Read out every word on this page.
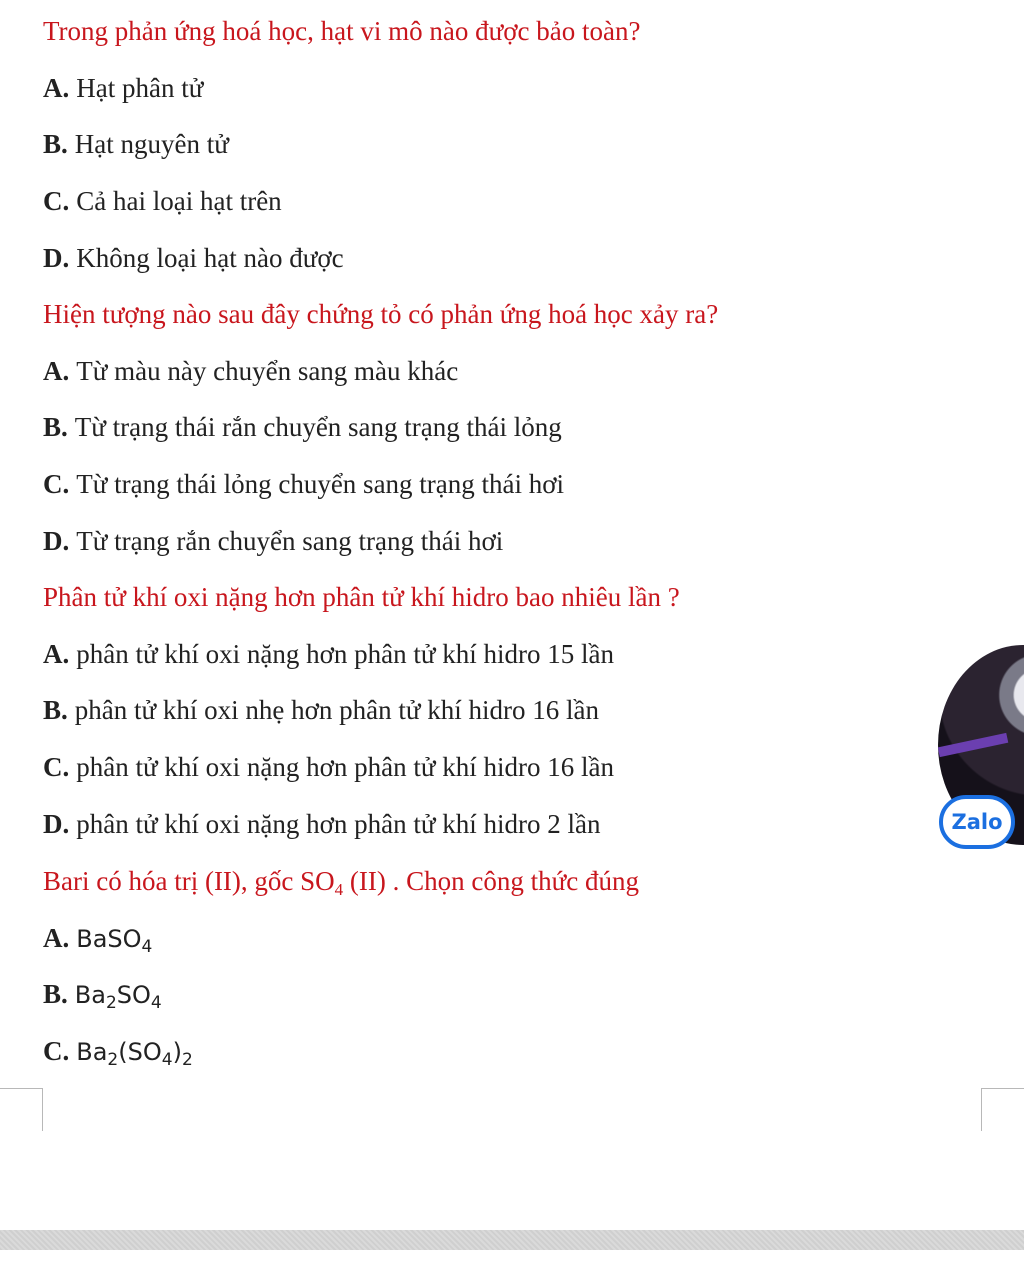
Trong phản ứng hoá học, hạt vi mô nào được bảo toàn?
A. Hạt phân tử
B. Hạt nguyên tử
C. Cả hai loại hạt trên
D. Không loại hạt nào được
Hiện tượng nào sau đây chứng tỏ có phản ứng hoá học xảy ra?
A. Từ màu này chuyển sang màu khác
B. Từ trạng thái rắn chuyển sang trạng thái lỏng
C. Từ trạng thái lỏng chuyển sang trạng thái hơi
D. Từ trạng rắn chuyển sang trạng thái hơi
Phân tử khí oxi nặng hơn phân tử khí hidro bao nhiêu lần ?
A. phân tử khí oxi nặng hơn phân tử khí hidro 15 lần
B. phân tử khí oxi nhẹ hơn phân tử khí hidro 16 lần
C. phân tử khí oxi nặng hơn phân tử khí hidro 16 lần
D. phân tử khí oxi nặng hơn phân tử khí hidro 2 lần
Bari có hóa trị (II), gốc $SO_4$ (II) . Chọn công thức đúng
A. BaSO$_4$
B. $Ba_2SO_4$
C. $Ba_2(SO_4)_2$
Zalo
